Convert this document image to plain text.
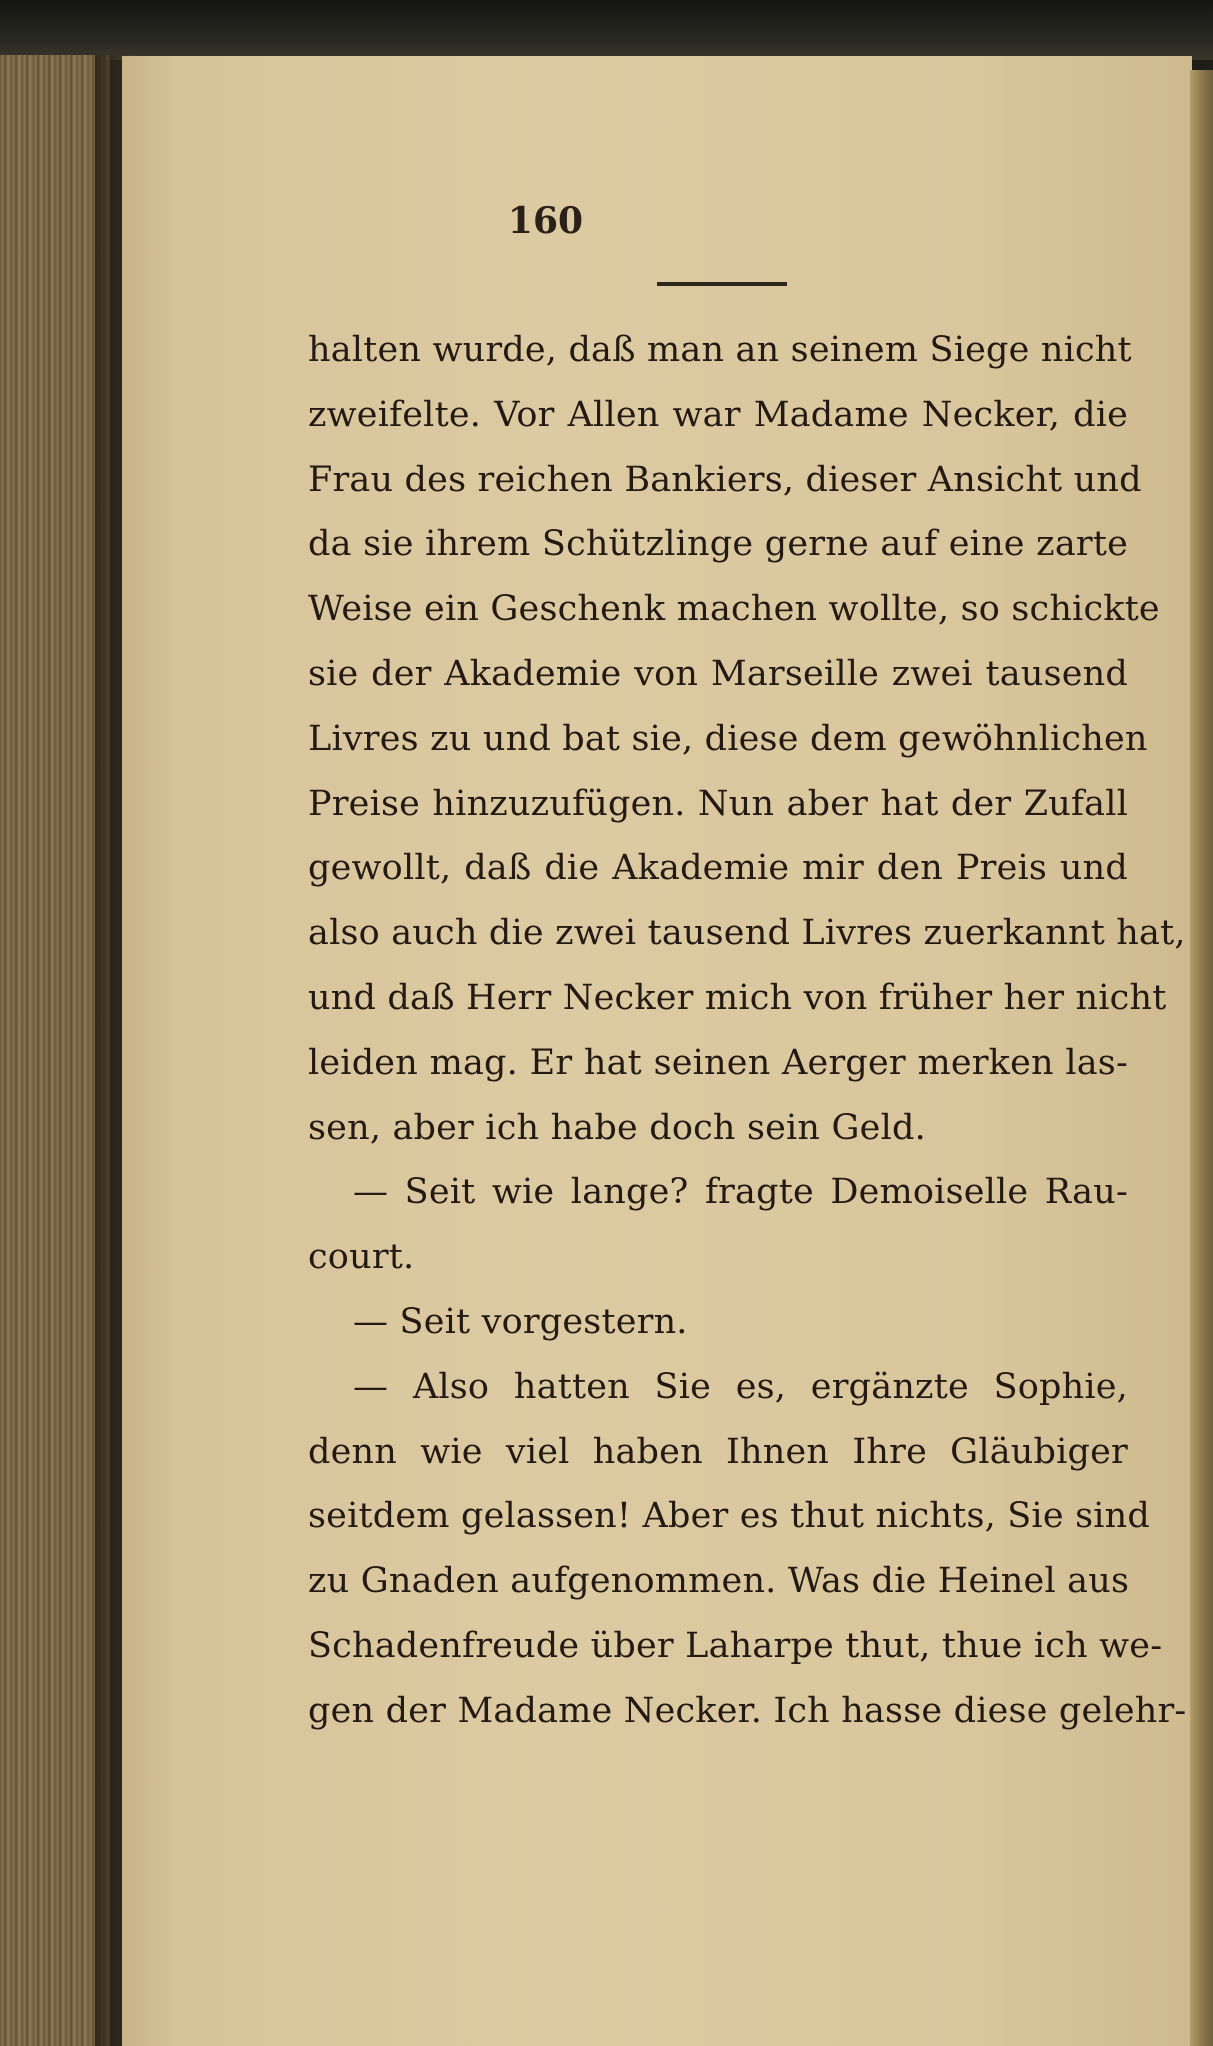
160
halten wurde, daß man an seinem Siege nicht
zweifelte. Vor Allen war Madame Necker, die
Frau des reichen Bankiers, dieser Ansicht und
da sie ihrem Schützlinge gerne auf eine zarte
Weise ein Geschenk machen wollte, so schickte
sie der Akademie von Marseille zwei tausend
Livres zu und bat sie, diese dem gewöhnlichen
Preise hinzuzufügen. Nun aber hat der Zufall
gewollt, daß die Akademie mir den Preis und
also auch die zwei tausend Livres zuerkannt hat,
und daß Herr Necker mich von früher her nicht
leiden mag. Er hat seinen Aerger merken las-
sen, aber ich habe doch sein Geld.
— Seit wie lange? fragte Demoiselle Rau-
court.
— Seit vorgestern.
— Also hatten Sie es, ergänzte Sophie,
denn wie viel haben Ihnen Ihre Gläubiger
seitdem gelassen! Aber es thut nichts, Sie sind
zu Gnaden aufgenommen. Was die Heinel aus
Schadenfreude über Laharpe thut, thue ich we-
gen der Madame Necker. Ich hasse diese gelehr-
